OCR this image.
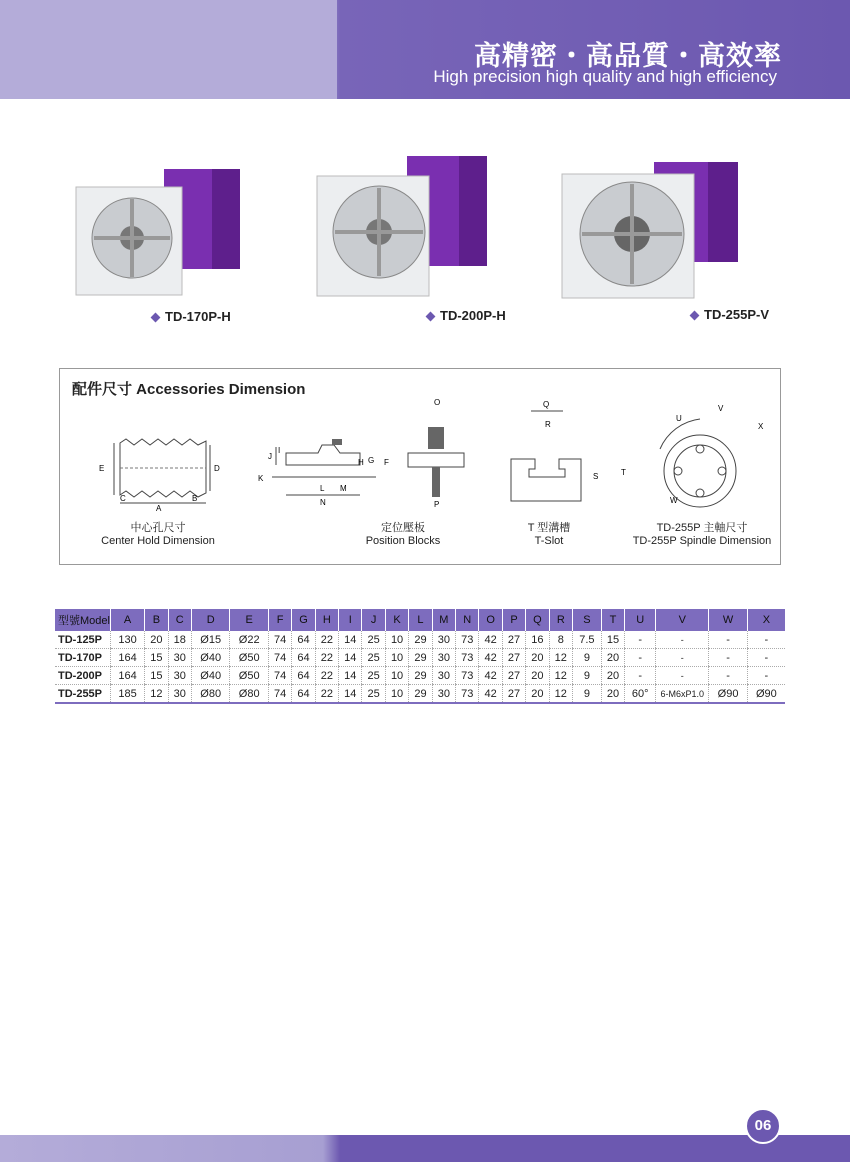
高精密・高品質・高效率
High precision high quality and high efficiency
TD-170P-H	TD-200P-H	TD-255P-V
配件尺寸 Accessories Dimension
E	D
C
A
B
中心孔尺寸
Center Hold Dimension
J
I
H G F
K
L M
N
O
P
定位壓板
Position Blocks
Q
R
S	T
T 型溝槽
T-Slot
U
V
X
W
TD-255P 主軸尺寸
TD-255P Spindle Dimension
型號Model	A	B	C	D	E	F	G	H	I	J	K	L	M	N	O	P	Q	R	S	T	U	V	W	X
TD-125P	130	20	18	Ø15	Ø22	74	64	22	14	25	10	29	30	73	42	27	16	8	7.5	15	-	-	-	-
TD-170P	164	15	30	Ø40	Ø50	74	64	22	14	25	10	29	30	73	42	27	20	12	9	20	-	-	-	-
TD-200P	164	15	30	Ø40	Ø50	74	64	22	14	25	10	29	30	73	42	27	20	12	9	20	-	-	-	-
TD-255P	185	12	30	Ø80	Ø80	74	64	22	14	25	10	29	30	73	42	27	20	12	9	20	60°	6-M6xP1.0	Ø90	Ø90
06
